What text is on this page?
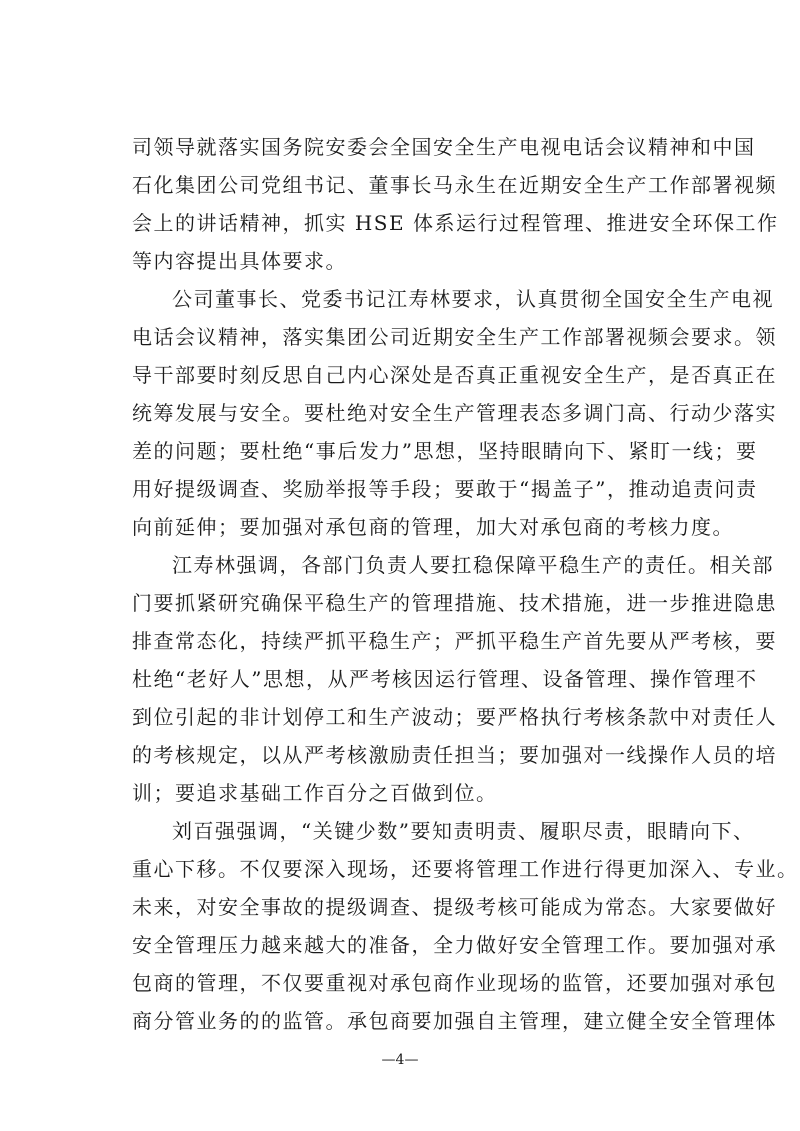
司领导就落实国务院安委会全国安全生产电视电话会议精神和中国
石化集团公司党组书记、董事长马永生在近期安全生产工作部署视频
会上的讲话精神，抓实 HSE 体系运行过程管理、推进安全环保工作
等内容提出具体要求。
公司董事长、党委书记江寿林要求，认真贯彻全国安全生产电视
电话会议精神，落实集团公司近期安全生产工作部署视频会要求。领
导干部要时刻反思自己内心深处是否真正重视安全生产，是否真正在
统筹发展与安全。要杜绝对安全生产管理表态多调门高、行动少落实
差的问题；要杜绝“事后发力”思想，坚持眼睛向下、紧盯一线；要
用好提级调查、奖励举报等手段；要敢于“揭盖子”，推动追责问责
向前延伸；要加强对承包商的管理，加大对承包商的考核力度。
江寿林强调，各部门负责人要扛稳保障平稳生产的责任。相关部
门要抓紧研究确保平稳生产的管理措施、技术措施，进一步推进隐患
排查常态化，持续严抓平稳生产；严抓平稳生产首先要从严考核，要
杜绝“老好人”思想，从严考核因运行管理、设备管理、操作管理不
到位引起的非计划停工和生产波动；要严格执行考核条款中对责任人
的考核规定，以从严考核激励责任担当；要加强对一线操作人员的培
训；要追求基础工作百分之百做到位。
刘百强强调，“关键少数”要知责明责、履职尽责，眼睛向下、
重心下移。不仅要深入现场，还要将管理工作进行得更加深入、专业。
未来，对安全事故的提级调查、提级考核可能成为常态。大家要做好
安全管理压力越来越大的准备，全力做好安全管理工作。要加强对承
包商的管理，不仅要重视对承包商作业现场的监管，还要加强对承包
商分管业务的的监管。承包商要加强自主管理，建立健全安全管理体
—4—
